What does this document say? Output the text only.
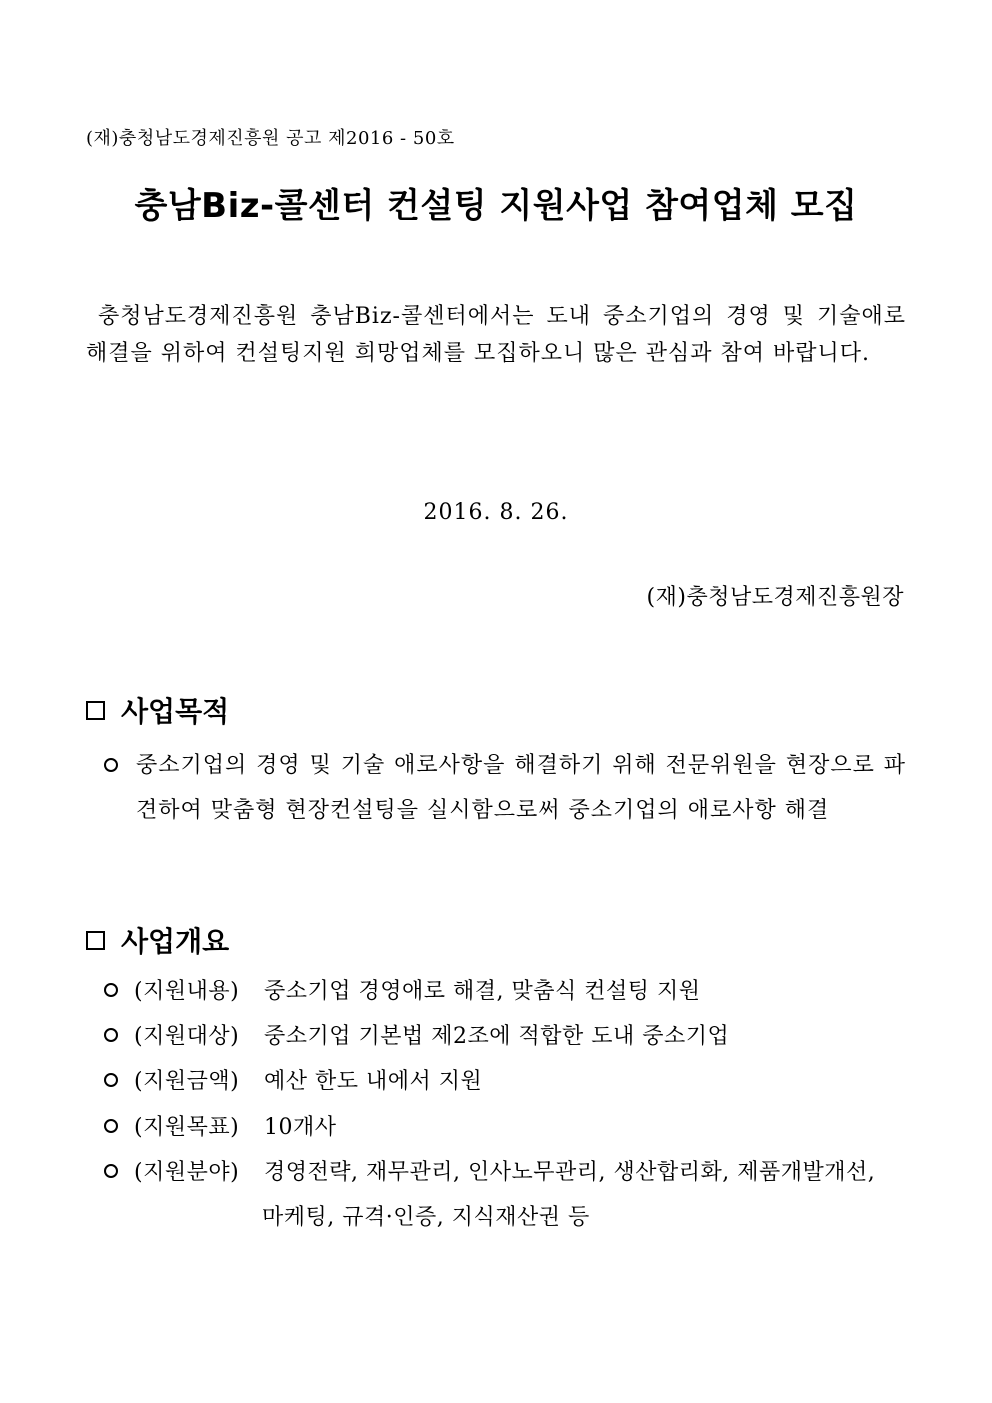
(재)충청남도경제진흥원 공고 제2016 - 50호
충남Biz-콜센터 컨설팅 지원사업 참여업체 모집
충청남도경제진흥원 충남Biz-콜센터에서는 도내 중소기업의 경영 및 기술애로 해결을 위하여 컨설팅지원 희망업체를 모집하오니 많은 관심과 참여 바랍니다.
2016. 8. 26.
(재)충청남도경제진흥원장
사업목적
중소기업의 경영 및 기술 애로사항을 해결하기 위해 전문위원을 현장으로 파견하여 맞춤형 현장컨설팅을 실시함으로써 중소기업의 애로사항 해결
사업개요
(지원내용) 중소기업 경영애로 해결, 맞춤식 컨설팅 지원
(지원대상) 중소기업 기본법 제2조에 적합한 도내 중소기업
(지원금액) 예산 한도 내에서 지원
(지원목표) 10개사
(지원분야) 경영전략, 재무관리, 인사노무관리, 생산합리화, 제품개발개선,
마케팅, 규격·인증, 지식재산권 등
